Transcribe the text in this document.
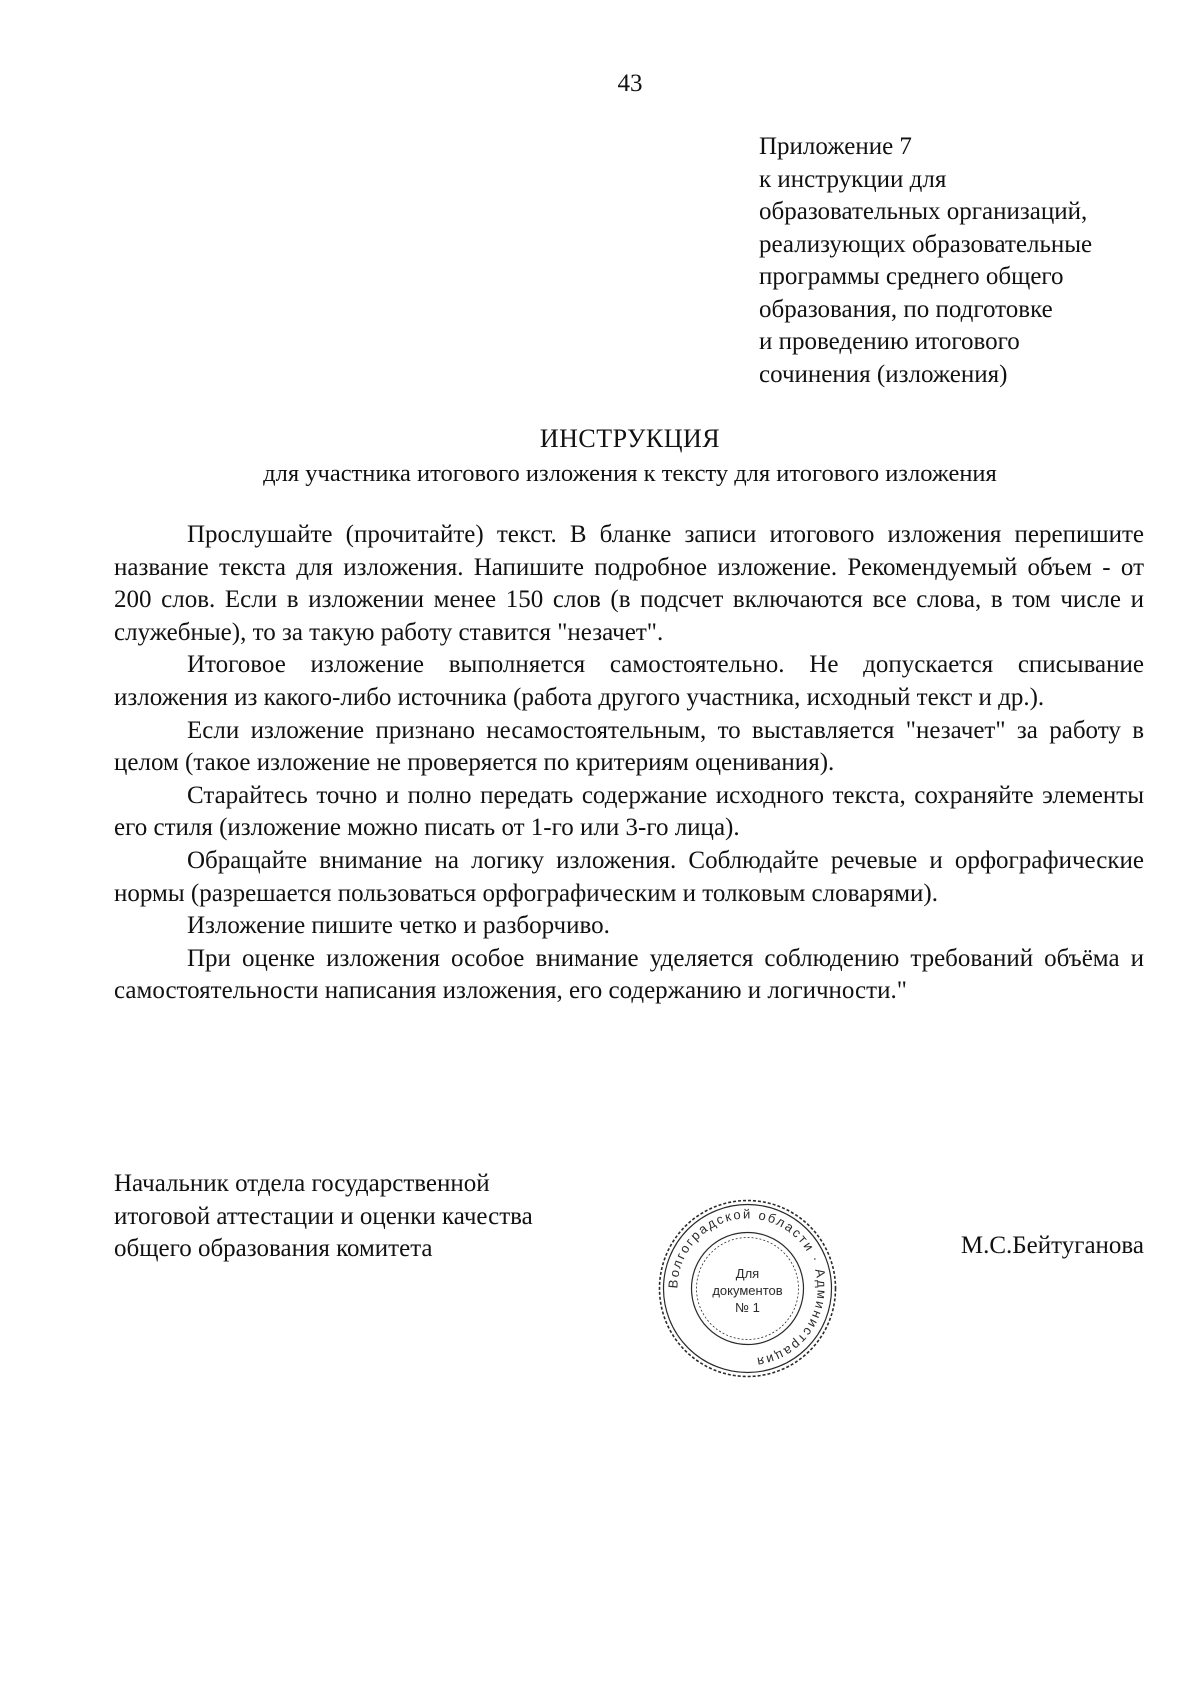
43
Приложение 7
к инструкции для
образовательных организаций,
реализующих образовательные
программы среднего общего
образования, по подготовке
и проведению итогового
сочинения (изложения)
ИНСТРУКЦИЯ
для участника итогового изложения к тексту для итогового изложения

Прослушайте (прочитайте) текст. В бланке записи итогового изложения перепишите название текста для изложения. Напишите подробное изложение. Рекомендуемый объем - от 200 слов. Если в изложении менее 150 слов (в подсчет включаются все слова, в том числе и служебные), то за такую работу ставится "незачет".

Итоговое изложение выполняется самостоятельно. Не допускается списывание изложения из какого-либо источника (работа другого участника, исходный текст и др.).

Если изложение признано несамостоятельным, то выставляется "незачет" за работу в целом (такое изложение не проверяется по критериям оценивания).

Старайтесь точно и полно передать содержание исходного текста, сохраняйте элементы его стиля (изложение можно писать от 1-го или 3-го лица).

Обращайте внимание на логику изложения. Соблюдайте речевые и орфографические нормы (разрешается пользоваться орфографическим и толковым словарями).

Изложение пишите четко и разборчиво.

При оценке изложения особое внимание уделяется соблюдению требований объёма и самостоятельности написания изложения, его содержанию и логичности."

Начальник отдела государственной
итоговой аттестации и оценки качества
общего образования комитета	М.С.Бейтуганова
Волгоградской области · Администрация
Для
документов
№ 1
